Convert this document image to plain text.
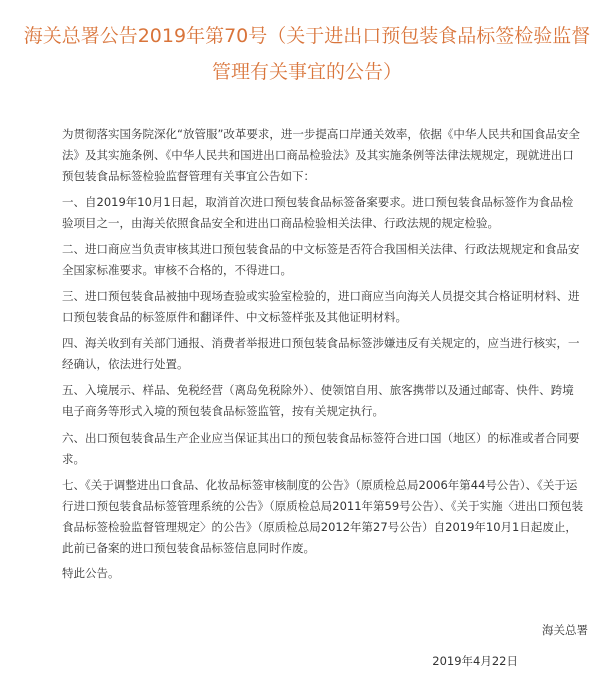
海关总署公告2019年第70号（关于进出口预包装食品标签检验监督管理有关事宜的公告）

为贯彻落实国务院深化“放管服”改革要求，进一步提高口岸通关效率，依据《中华人民共和国食品安全法》及其实施条例、《中华人民共和国进出口商品检验法》及其实施条例等法律法规规定，现就进出口预包装食品标签检验监督管理有关事宜公告如下：

一、自2019年10月1日起，取消首次进口预包装食品标签备案要求。进口预包装食品标签作为食品检验项目之一，由海关依照食品安全和进出口商品检验相关法律、行政法规的规定检验。

二、进口商应当负责审核其进口预包装食品的中文标签是否符合我国相关法律、行政法规规定和食品安全国家标准要求。审核不合格的，不得进口。

三、进口预包装食品被抽中现场查验或实验室检验的，进口商应当向海关人员提交其合格证明材料、进口预包装食品的标签原件和翻译件、中文标签样张及其他证明材料。

四、海关收到有关部门通报、消费者举报进口预包装食品标签涉嫌违反有关规定的，应当进行核实，一经确认，依法进行处置。

五、入境展示、样品、免税经营（离岛免税除外）、使领馆自用、旅客携带以及通过邮寄、快件、跨境电子商务等形式入境的预包装食品标签监管，按有关规定执行。

六、出口预包装食品生产企业应当保证其出口的预包装食品标签符合进口国（地区）的标准或者合同要求。

七、《关于调整进出口食品、化妆品标签审核制度的公告》（原质检总局2006年第44号公告）、《关于运行进口预包装食品标签管理系统的公告》（原质检总局2011年第59号公告）、《关于实施〈进出口预包装食品标签检验监督管理规定〉的公告》（原质检总局2012年第27号公告）自2019年10月1日起废止，此前已备案的进口预包装食品标签信息同时作废。

特此公告。

海关总署
2019年4月22日
